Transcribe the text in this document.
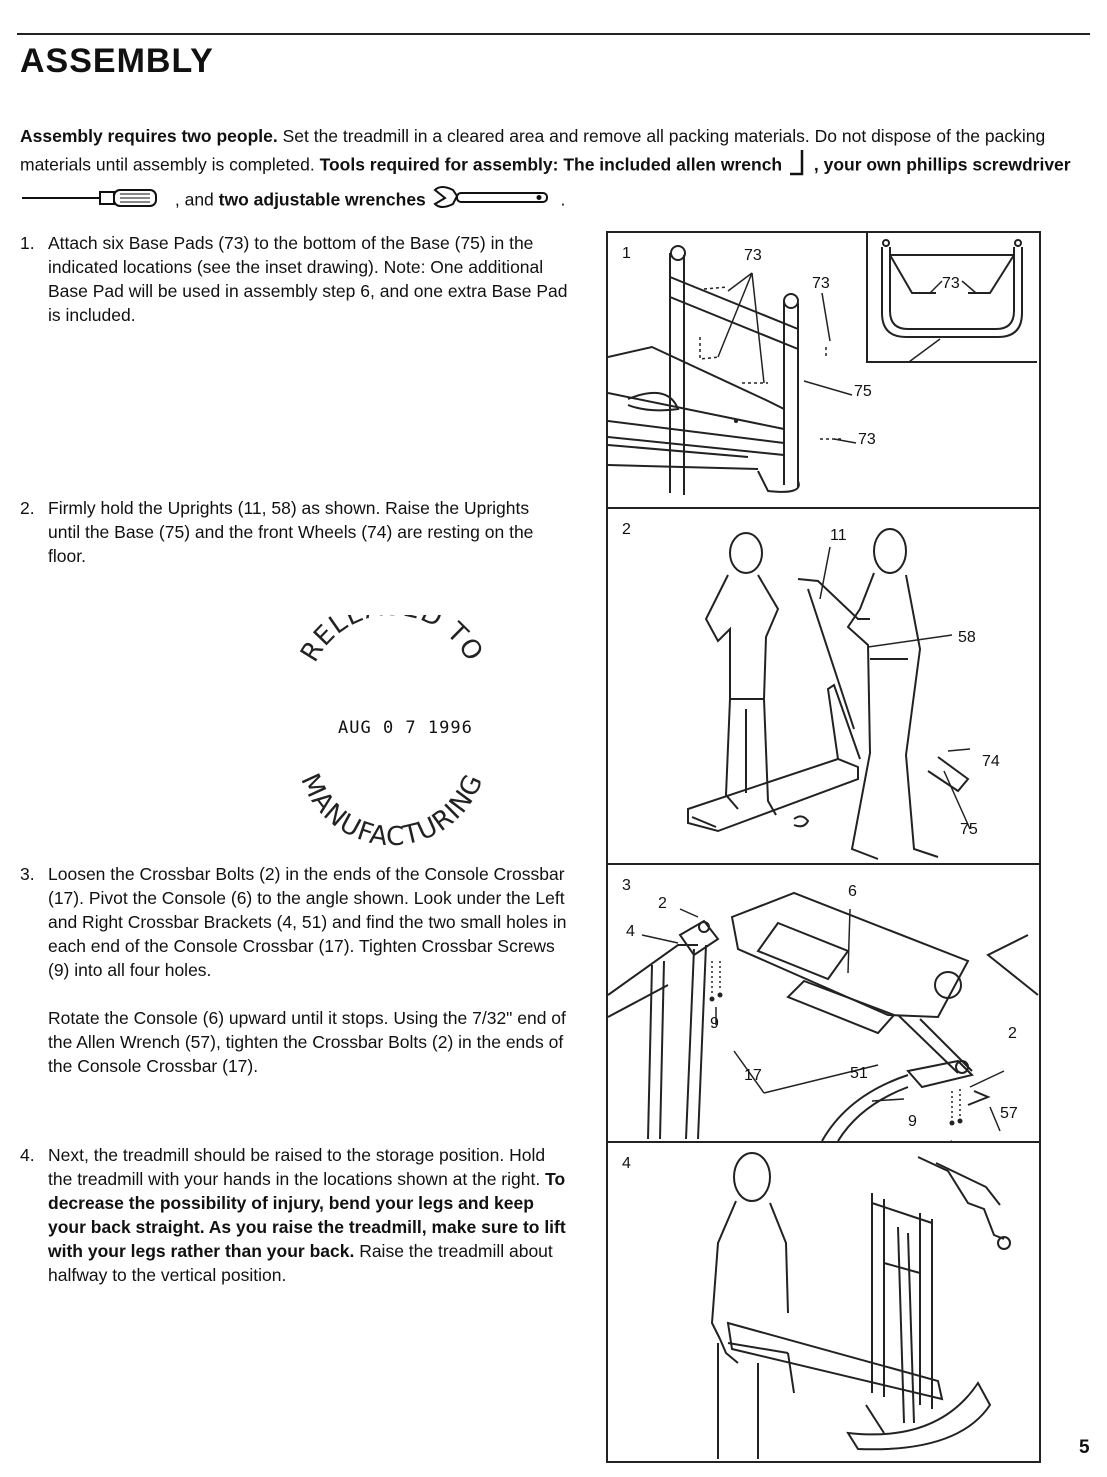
ASSEMBLY
Assembly requires two people. Set the treadmill in a cleared area and remove all packing materials. Do not dispose of the packing materials until assembly is completed. Tools required for assembly: The included allen wrench  , your own phillips screwdriver  , and two adjustable wrenches	.
1. Attach six Base Pads (73) to the bottom of the Base (75) in the indicated locations (see the inset drawing). Note: One additional Base Pad will be used in assembly step 6, and one extra Base Pad is included.

2. Firmly hold the Uprights (11, 58) as shown. Raise the Uprights until the Base (75) and the front Wheels (74) are resting on the floor.

3. Loosen the Crossbar Bolts (2) in the ends of the Console Crossbar (17). Pivot the Console (6) to the angle shown. Look under the Left and Right Crossbar Brackets (4, 51) and find the two small holes in each end of the Console Crossbar (17). Tighten Crossbar Screws (9) into all four holes.

Rotate the Console (6) upward until it stops. Using the 7/32" end of the Allen Wrench (57), tighten the Crossbar Bolts (2) in the ends of the Console Crossbar (17).

4. Next, the treadmill should be raised to the storage position. Hold the treadmill with your hands in the locations shown at the right. To decrease the possibility of injury, bend your legs and keep your back straight. As you raise the treadmill, make sure to lift with your legs rather than your back. Raise the treadmill about halfway to the vertical position.

REL D TO
MANUFACTURING
AUG 0 7 1996
1	73
73	73
75
73
2	11
58
74
75
3
2
6
4
9
17	51
2
57
9
4
5
